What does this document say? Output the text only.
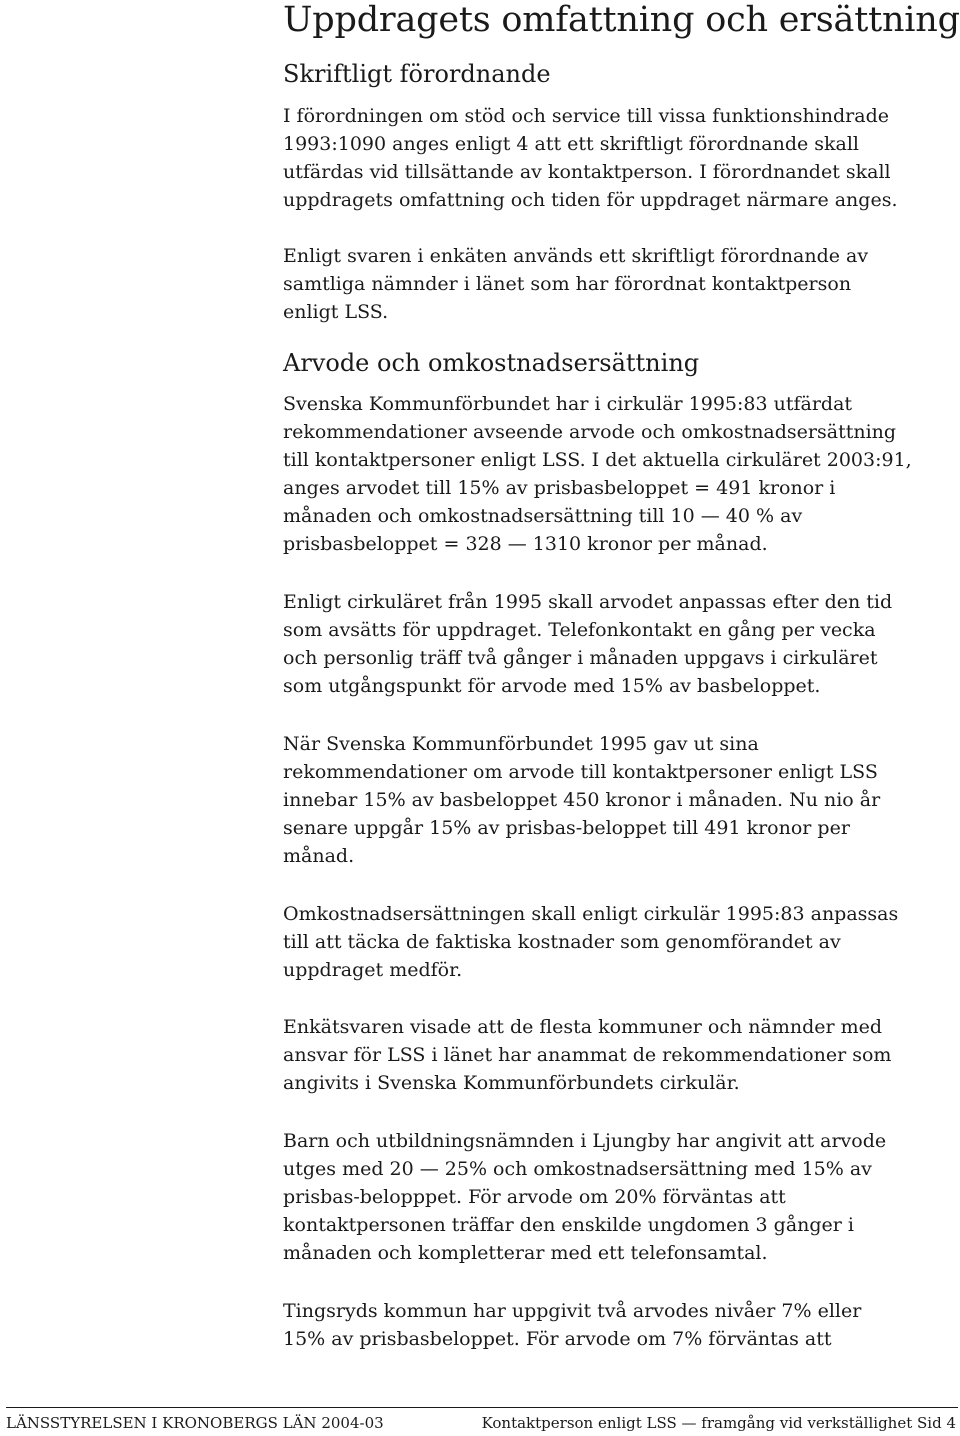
Uppdragets omfattning och ersättning
Skriftligt förordnande

I förordningen om stöd och service till vissa funktionshindrade
1993:1090 anges enligt 4 att ett skriftligt förordnande skall
utfärdas vid tillsättande av kontaktperson. I förordnandet skall
uppdragets omfattning och tiden för uppdraget närmare anges.

Enligt svaren i enkäten används ett skriftligt förordnande av
samtliga nämnder i länet som har förordnat kontaktperson
enligt LSS.

Arvode och omkostnadsersättning

Svenska Kommunförbundet har i cirkulär 1995:83 utfärdat
rekommendationer avseende arvode och omkostnadsersättning
till kontaktpersoner enligt LSS. I det aktuella cirkuläret 2003:91,
anges arvodet till 15% av prisbasbeloppet = 491 kronor i
månaden och omkostnadsersättning till 10 — 40 % av
prisbasbeloppet = 328 — 1310 kronor per månad.

Enligt cirkuläret från 1995 skall arvodet anpassas efter den tid
som avsätts för uppdraget. Telefonkontakt en gång per vecka
och personlig träff två gånger i månaden uppgavs i cirkuläret
som utgångspunkt för arvode med 15% av basbeloppet.

När Svenska Kommunförbundet 1995 gav ut sina
rekommendationer om arvode till kontaktpersoner enligt LSS
innebar 15% av basbeloppet 450 kronor i månaden. Nu nio år
senare uppgår 15% av prisbas-beloppet till 491 kronor per
månad.

Omkostnadsersättningen skall enligt cirkulär 1995:83 anpassas
till att täcka de faktiska kostnader som genomförandet av
uppdraget medför.

Enkätsvaren visade att de flesta kommuner och nämnder med
ansvar för LSS i länet har anammat de rekommendationer som
angivits i Svenska Kommunförbundets cirkulär.

Barn och utbildningsnämnden i Ljungby har angivit att arvode
utges med 20 — 25% och omkostnadsersättning med 15% av
prisbas-belopppet. För arvode om 20% förväntas att
kontaktpersonen träffar den enskilde ungdomen 3 gånger i
månaden och kompletterar med ett telefonsamtal.

Tingsryds kommun har uppgivit två arvodes nivåer 7% eller
15% av prisbasbeloppet. För arvode om 7% förväntas att

LÄNSSTYRELSEN I KRONOBERGS LÄN 2004-03	Kontaktperson enligt LSS — framgång vid verkställighet Sid 4
